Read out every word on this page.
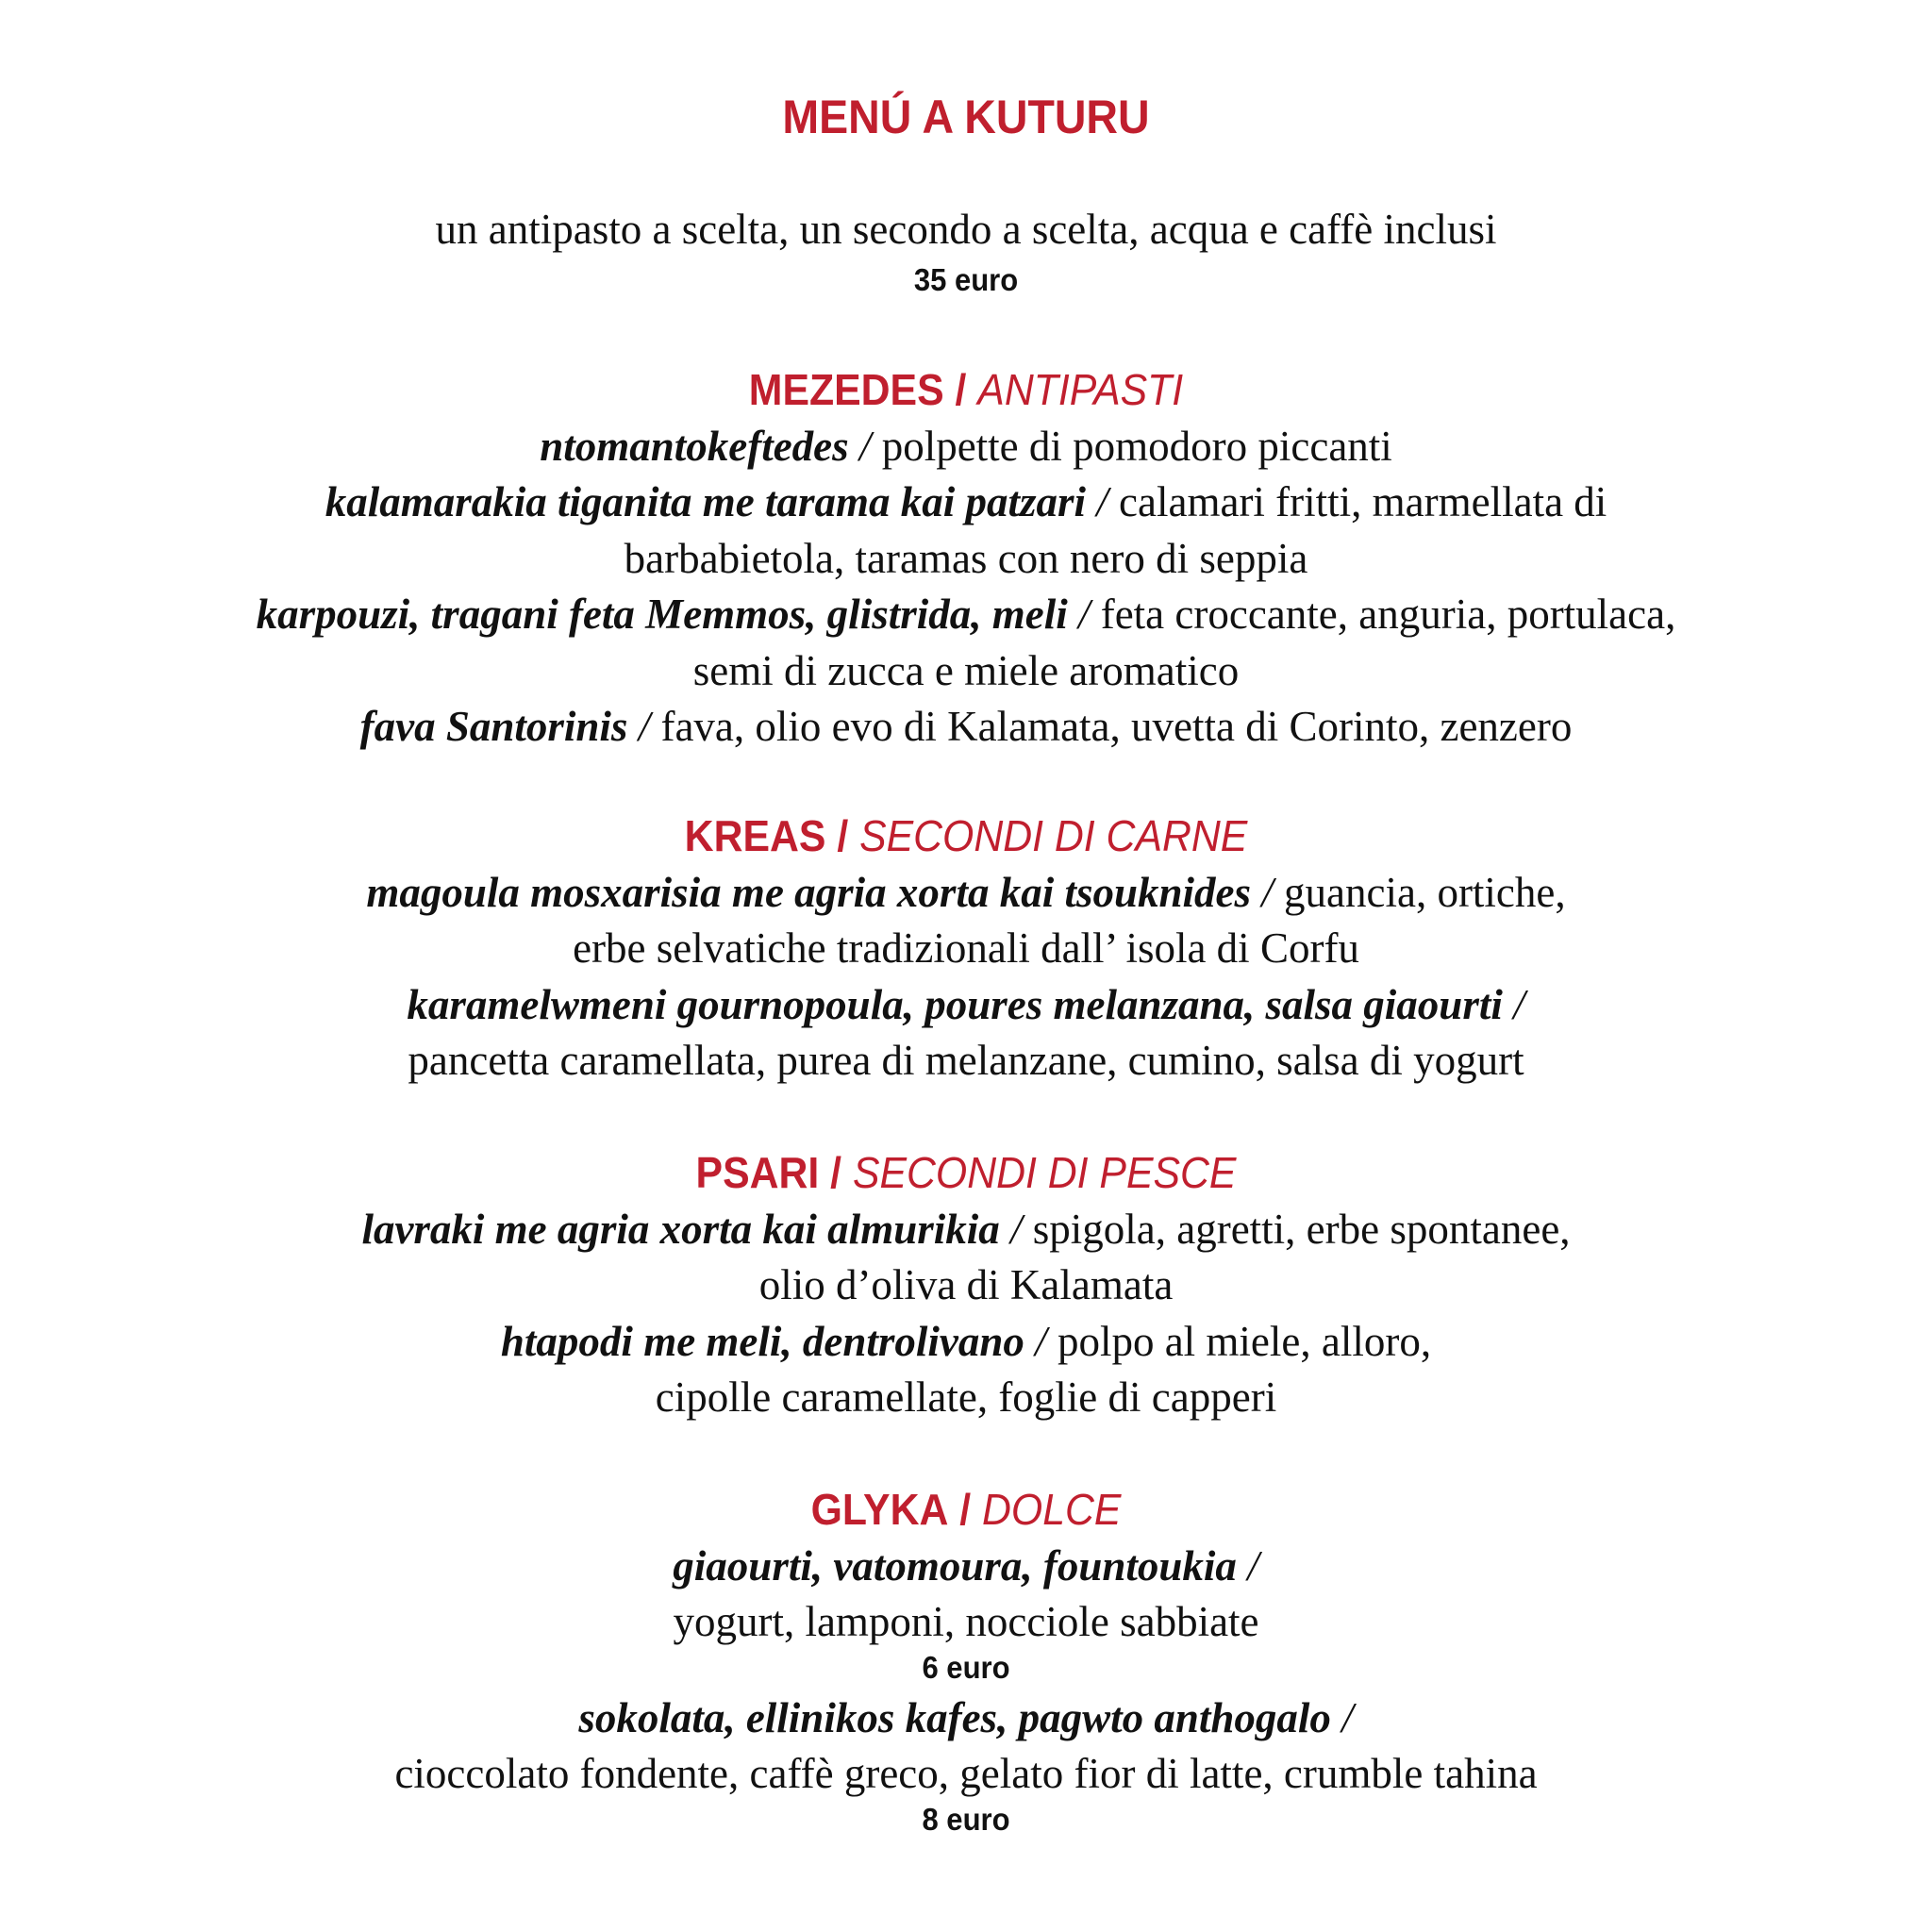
MENÚ A KUTURU
un antipasto a scelta, un secondo a scelta, acqua e caffè inclusi
35 euro
MEZEDES / ANTIPASTI
ntomantokeftedes / polpette di pomodoro piccanti
kalamarakia tiganita me tarama kai patzari / calamari fritti, marmellata di
barbabietola, taramas con nero di seppia
karpouzi, tragani feta Memmos, glistrida, meli / feta croccante, anguria, portulaca,
semi di zucca e miele aromatico
fava Santorinis / fava, olio evo di Kalamata, uvetta di Corinto, zenzero
KREAS / SECONDI DI CARNE
magoula mosxarisia me agria xorta kai tsouknides / guancia, ortiche,
erbe selvatiche tradizionali dall’ isola di Corfu
karamelwmeni gournopoula, poures melanzana, salsa giaourti /
pancetta caramellata, purea di melanzane, cumino, salsa di yogurt
PSARI / SECONDI DI PESCE
lavraki me agria xorta kai almurikia / spigola, agretti, erbe spontanee,
olio d’oliva di Kalamata
htapodi me meli, dentrolivano / polpo al miele, alloro,
cipolle caramellate, foglie di capperi
GLYKA / DOLCE
giaourti, vatomoura, fountoukia /
yogurt, lamponi, nocciole sabbiate
6 euro
sokolata, ellinikos kafes, pagwto anthogalo /
cioccolato fondente, caffè greco, gelato fior di latte, crumble tahina
8 euro
